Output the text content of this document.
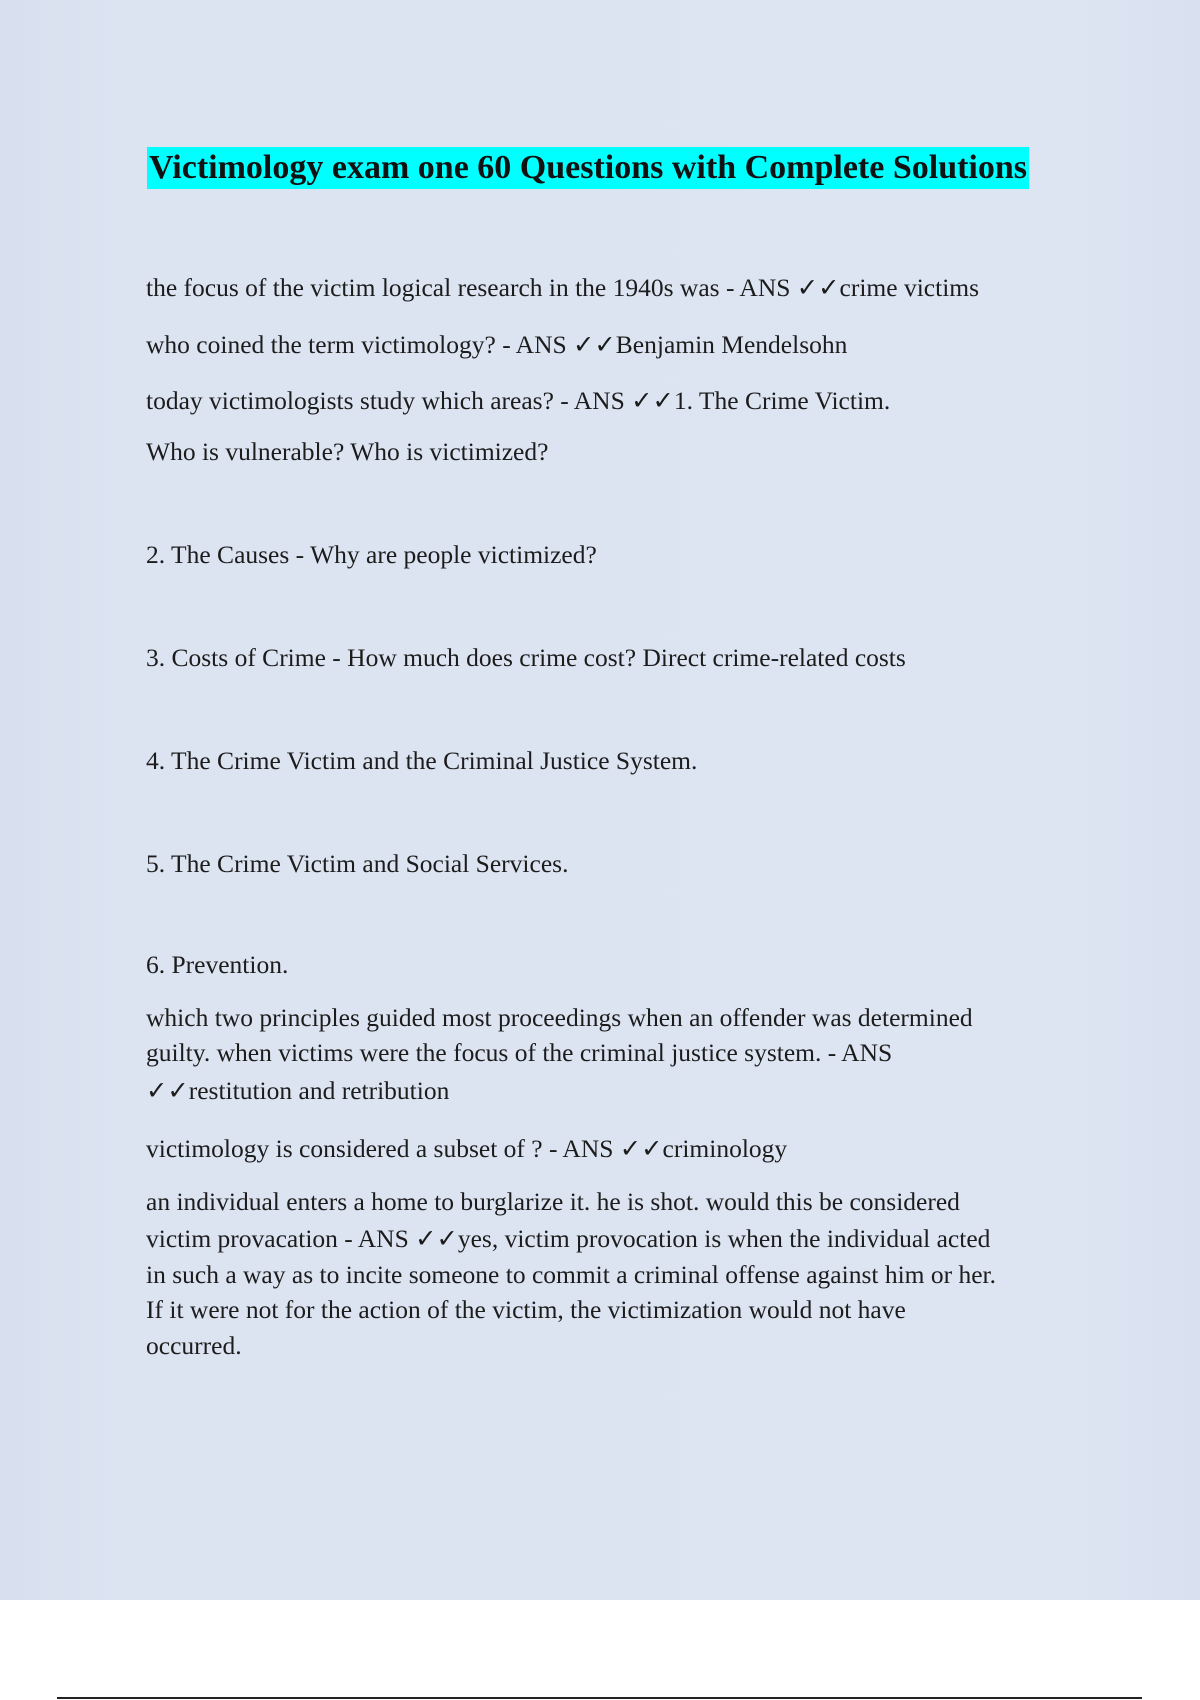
Victimology exam one 60 Questions with Complete Solutions

the focus of the victim logical research in the 1940s was - ANS ✓✓crime victims

who coined the term victimology? - ANS ✓✓Benjamin Mendelsohn

today victimologists study which areas? - ANS ✓✓1. The Crime Victim.

Who is vulnerable? Who is victimized?

2. The Causes - Why are people victimized?

3. Costs of Crime - How much does crime cost? Direct crime-related costs

4. The Crime Victim and the Criminal Justice System.

5. The Crime Victim and Social Services.

6. Prevention.

which two principles guided most proceedings when an offender was determined
guilty. when victims were the focus of the criminal justice system. - ANS
✓✓restitution and retribution

victimology is considered a subset of ? - ANS ✓✓criminology

an individual enters a home to burglarize it. he is shot. would this be considered
victim provacation - ANS ✓✓yes, victim provocation is when the individual acted
in such a way as to incite someone to commit a criminal offense against him or her.
If it were not for the action of the victim, the victimization would not have
occurred.
